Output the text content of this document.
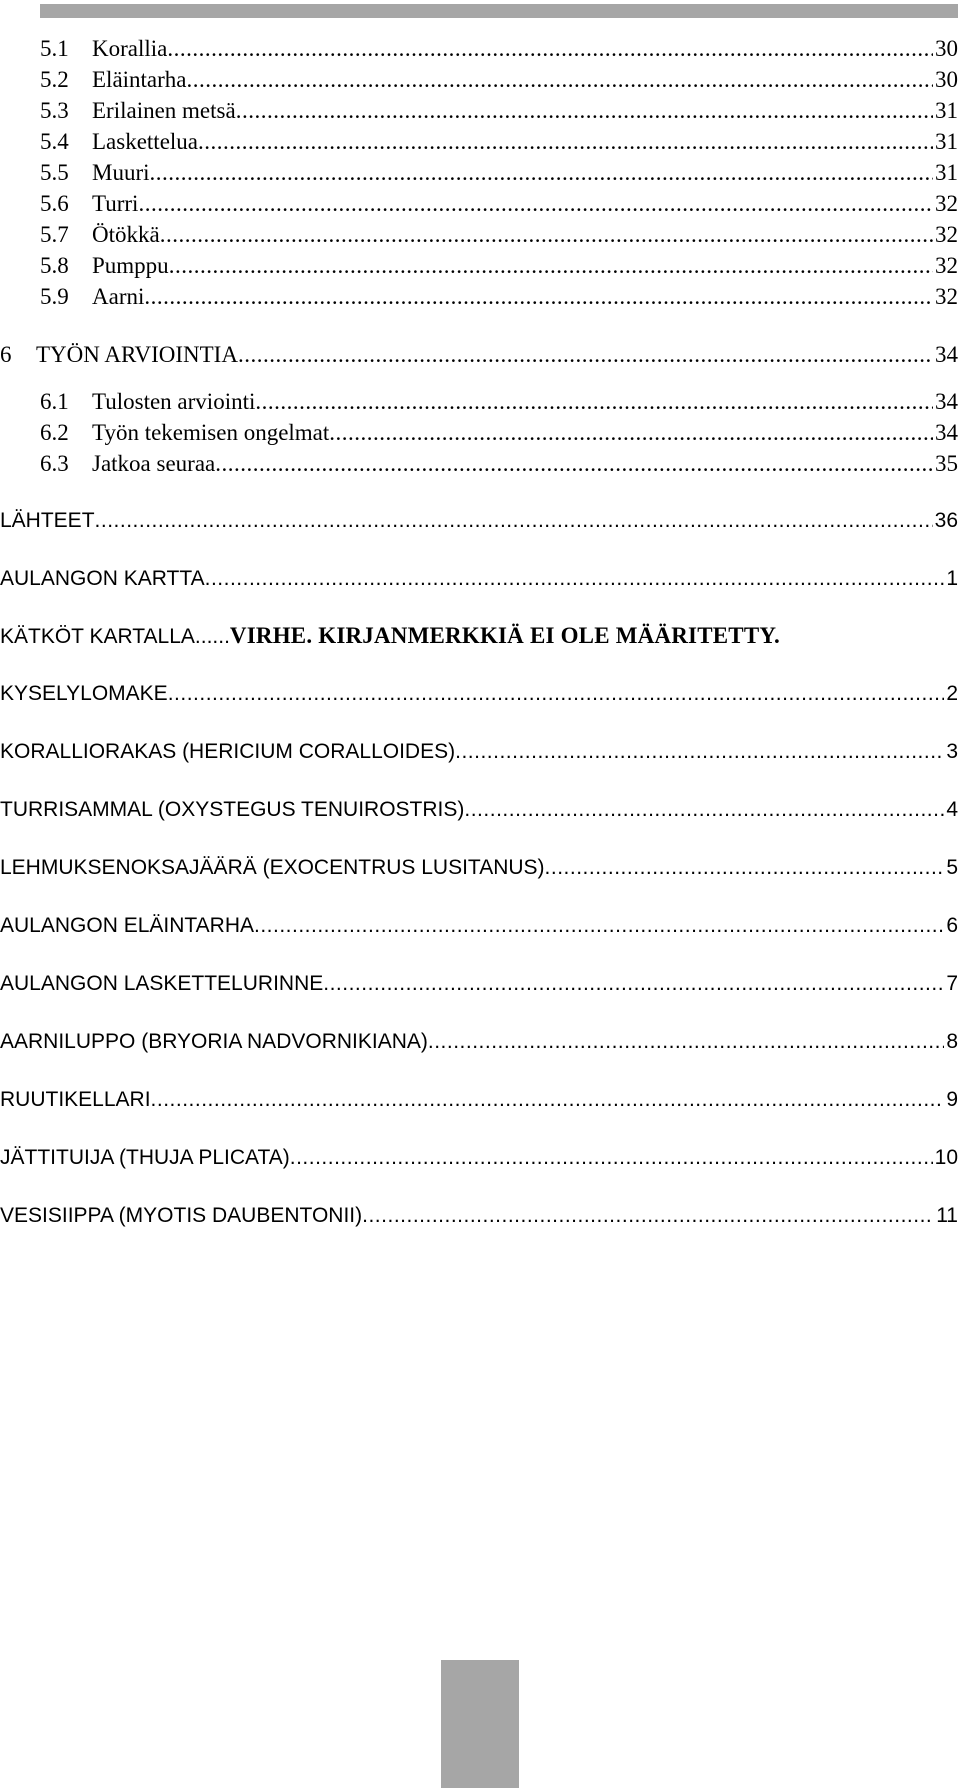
5.1	Korallia .....	30
5.2	Eläintarha .....	30
5.3	Erilainen metsä .....	31
5.4	Laskettelua .....	31
5.5	Muuri .....	31
5.6	Turri .....	32
5.7	Ötökkä .....	32
5.8	Pumppu .....	32
5.9	Aarni .....	32
6	TYÖN ARVIOINTIA .....	34
6.1	Tulosten arviointi .....	34
6.2	Työn tekemisen ongelmat .....	34
6.3	Jatkoa seuraa .....	35
LÄHTEET .....	36
AULANGON KARTTA .....	1
KÄTKÖT KARTALLA ...... VIRHE. KIRJANMERKKIÄ EI OLE MÄÄRITETTY.
KYSELYLOMAKE .....	2
KORALLIORAKAS (HERICIUM CORALLOIDES) .....	3
TURRISAMMAL (OXYSTEGUS TENUIROSTRIS) .....	4
LEHMUKSENOKSAJÄÄRÄ (EXOCENTRUS LUSITANUS) .....	5
AULANGON ELÄINTARHA .....	6
AULANGON LASKETTELURINNE .....	7
AARNILUPPO (BRYORIA NADVORNIKIANA) .....	8
RUUTIKELLARI .....	9
JÄTTITUIJA (THUJA PLICATA) .....	10
VESISIIPPA (MYOTIS DAUBENTONII) .....	11
